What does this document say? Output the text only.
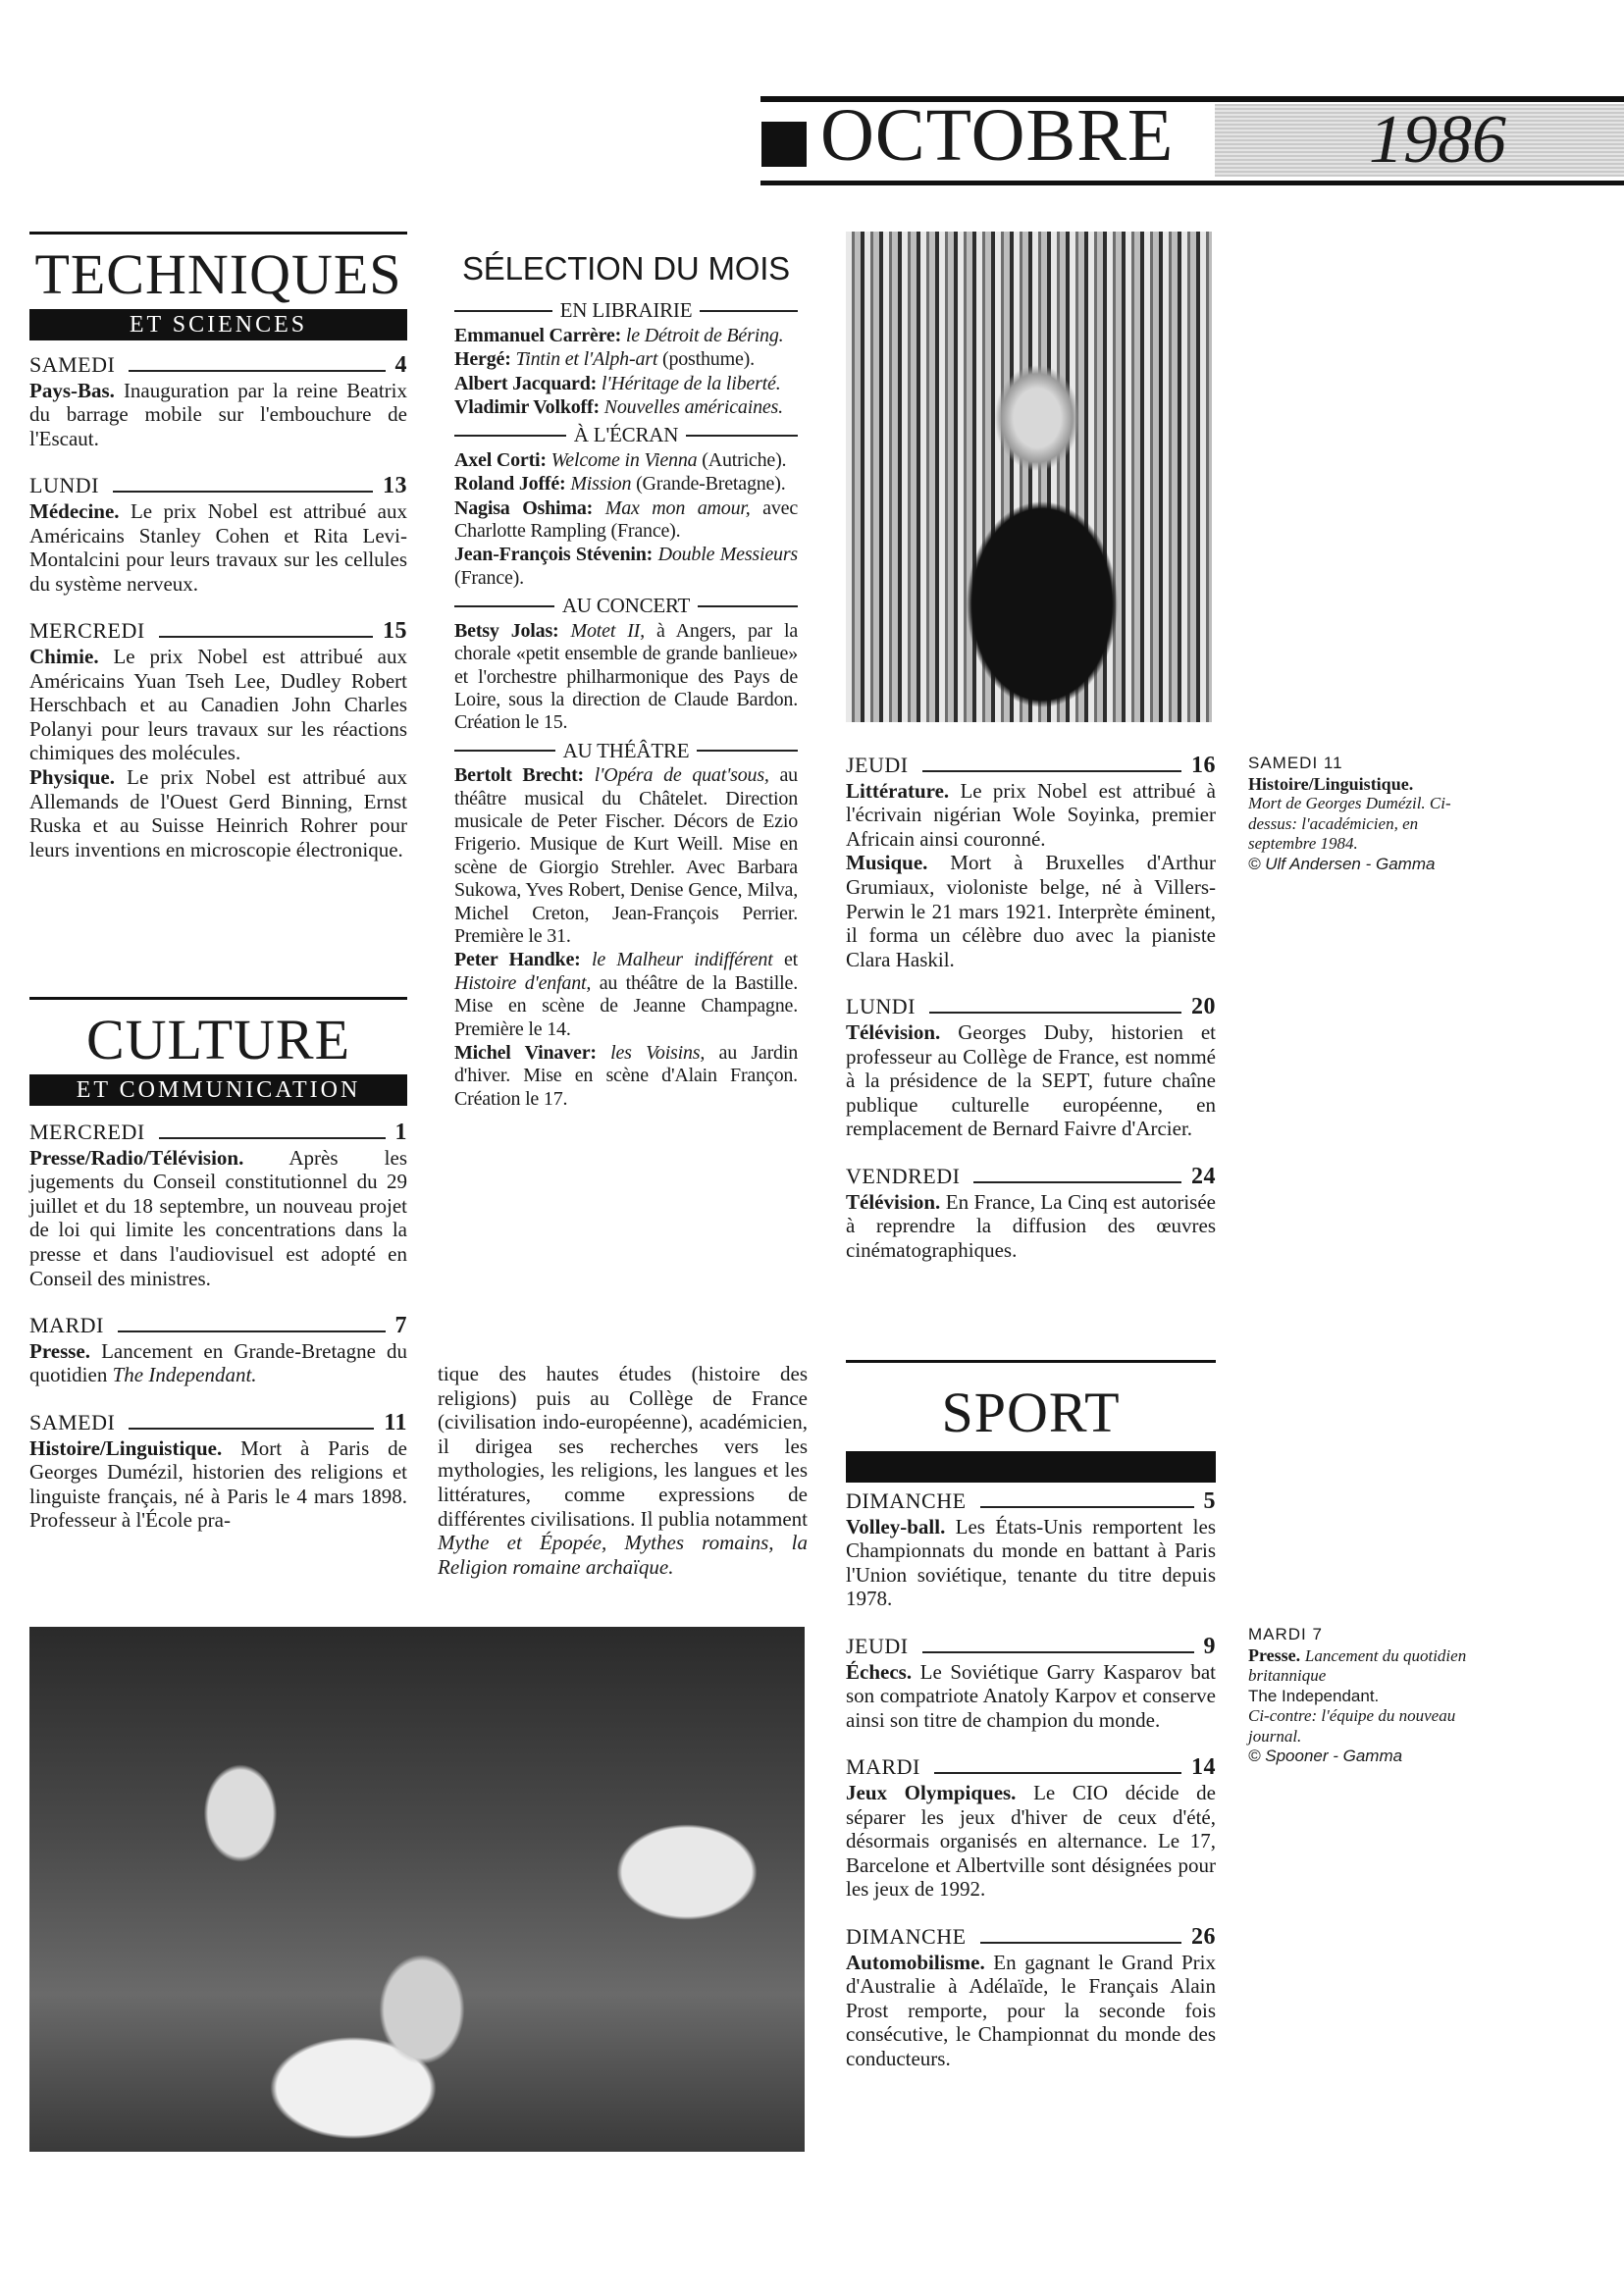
OCTOBRE	1986
TECHNIQUES
ET SCIENCES
SAMEDI	4

Pays-Bas. Inauguration par la reine Beatrix du barrage mobile sur l'embouchure de l'Escaut.

LUNDI	13

Médecine. Le prix Nobel est attribué aux Américains Stanley Cohen et Rita Levi-Montalcini pour leurs travaux sur les cellules du système nerveux.

MERCREDI	15

Chimie. Le prix Nobel est attribué aux Américains Yuan Tseh Lee, Dudley Robert Herschbach et au Canadien John Charles Polanyi pour leurs travaux sur les réactions chimiques des molécules.

Physique. Le prix Nobel est attribué aux Allemands de l'Ouest Gerd Binning, Ernst Ruska et au Suisse Heinrich Rohrer pour leurs inventions en microscopie électronique.

CULTURE
ET COMMUNICATION
MERCREDI	1

Presse/Radio/Télévision. Après les jugements du Conseil constitutionnel du 29 juillet et du 18 septembre, un nouveau projet de loi qui limite les concentrations dans la presse et dans l'audiovisuel est adopté en Conseil des ministres.

MARDI	7

Presse. Lancement en Grande-Bretagne du quotidien The Independant.

SAMEDI	11

Histoire/Linguistique. Mort à Paris de Georges Dumézil, historien des religions et linguiste français, né à Paris le 4 mars 1898. Professeur à l'École pra-

tique des hautes études (histoire des religions) puis au Collège de France (civilisation indo-européenne), académicien, il dirigea ses recherches vers les mythologies, les religions, les langues et les littératures, comme expressions de différentes civilisations. Il publia notamment Mythe et Épopée, Mythes romains, la Religion romaine archaïque.

SÉLECTION DU MOIS
EN LIBRAIRIE

Emmanuel Carrère: le Détroit de Béring.

Hergé: Tintin et l'Alph-art (posthume).

Albert Jacquard: l'Héritage de la liberté.

Vladimir Volkoff: Nouvelles américaines.

À L'ÉCRAN

Axel Corti: Welcome in Vienna (Autriche).

Roland Joffé: Mission (Grande-Bretagne).

Nagisa Oshima: Max mon amour, avec Charlotte Rampling (France).

Jean-François Stévenin: Double Messieurs (France).

AU CONCERT

Betsy Jolas: Motet II, à Angers, par la chorale «petit ensemble de grande banlieue» et l'orchestre philharmonique des Pays de Loire, sous la direction de Claude Bardon. Création le 15.

AU THÉÂTRE

Bertolt Brecht: l'Opéra de quat'sous, au théâtre musical du Châtelet. Direction musicale de Peter Fischer. Décors de Ezio Frigerio. Musique de Kurt Weill. Mise en scène de Giorgio Strehler. Avec Barbara Sukowa, Yves Robert, Denise Gence, Milva, Michel Creton, Jean-François Perrier. Première le 31.

Peter Handke: le Malheur indifférent et Histoire d'enfant, au théâtre de la Bastille. Mise en scène de Jeanne Champagne. Première le 14.

Michel Vinaver: les Voisins, au Jardin d'hiver. Mise en scène d'Alain Françon. Création le 17.

JEUDI	16

Littérature. Le prix Nobel est attribué à l'écrivain nigérian Wole Soyinka, premier Africain ainsi couronné.

Musique. Mort à Bruxelles d'Arthur Grumiaux, violoniste belge, né à Villers-Perwin le 21 mars 1921. Interprète éminent, il forma un célèbre duo avec la pianiste Clara Haskil.

LUNDI	20

Télévision. Georges Duby, historien et professeur au Collège de France, est nommé à la présidence de la SEPT, future chaîne publique culturelle européenne, en remplacement de Bernard Faivre d'Arcier.

VENDREDI	24

Télévision. En France, La Cinq est autorisée à reprendre la diffusion des œuvres cinématographiques.

SPORT
DIMANCHE	5

Volley-ball. Les États-Unis remportent les Championnats du monde en battant à Paris l'Union soviétique, tenante du titre depuis 1978.

JEUDI	9

Échecs. Le Soviétique Garry Kasparov bat son compatriote Anatoly Karpov et conserve ainsi son titre de champion du monde.

MARDI	14

Jeux Olympiques. Le CIO décide de séparer les jeux d'hiver de ceux d'été, désormais organisés en alternance. Le 17, Barcelone et Albertville sont désignées pour les jeux de 1992.

DIMANCHE	26

Automobilisme. En gagnant le Grand Prix d'Australie à Adélaïde, le Français Alain Prost remporte, pour la seconde fois consécutive, le Championnat du monde des conducteurs.

SAMEDI 11
Histoire/Linguistique.
Mort de Georges Dumézil. Ci-dessus: l'académicien, en septembre 1984.
© Ulf Andersen - Gamma
MARDI 7
Presse. Lancement du quotidien britannique
The Independant.
Ci-contre: l'équipe du nouveau journal.
© Spooner - Gamma
